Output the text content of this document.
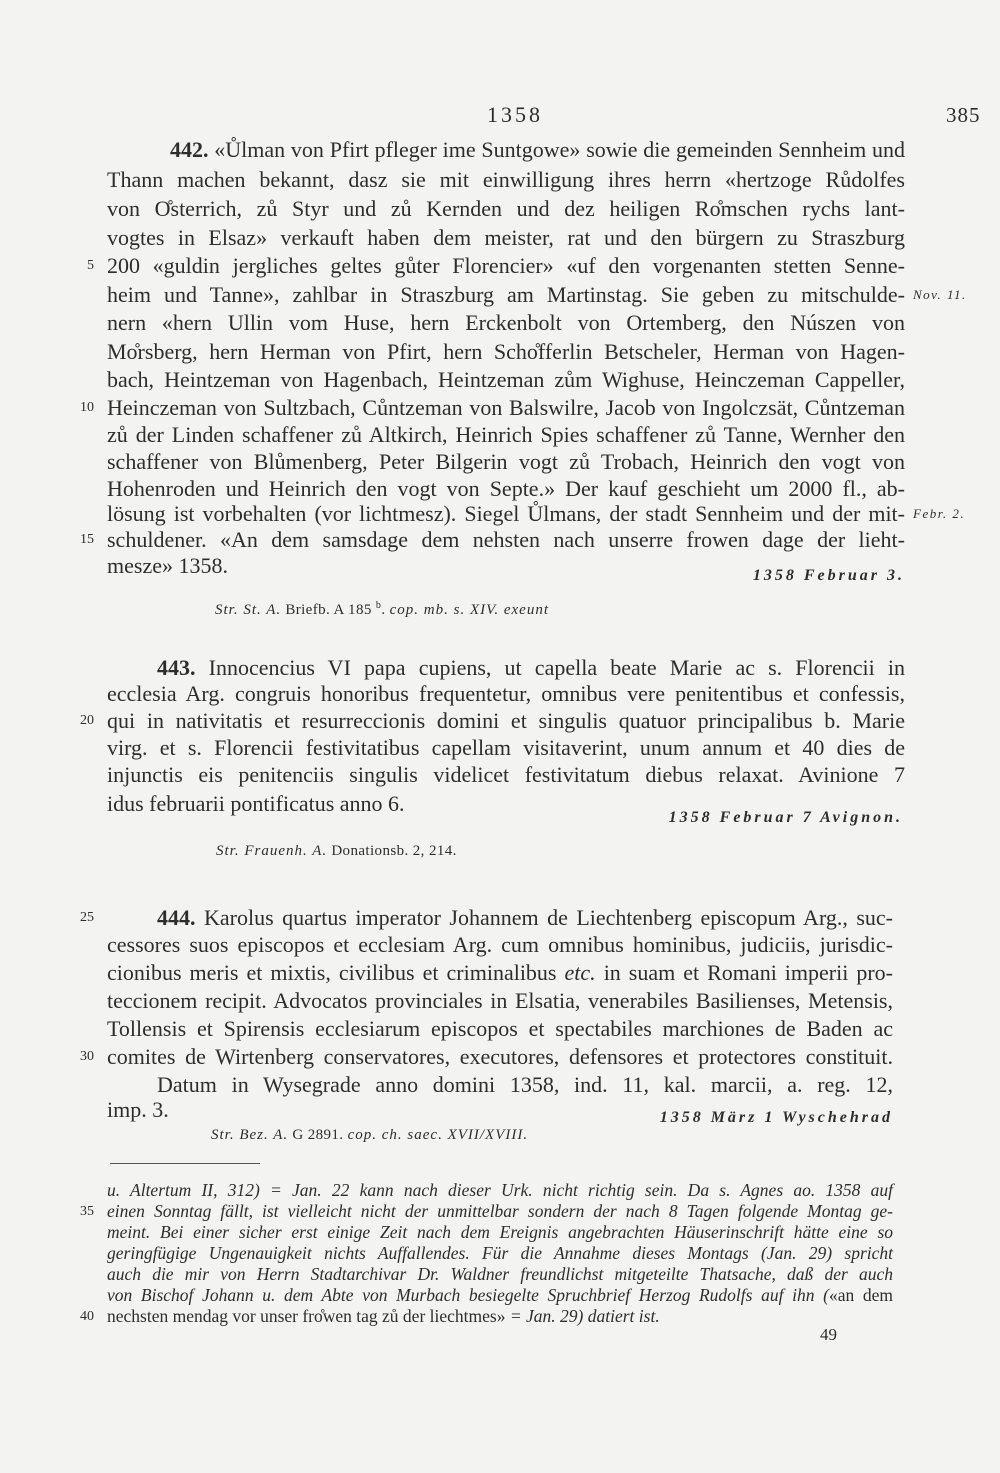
1358	385
5
10
15
20
25
30
35
40
442. «Ůlman von Pfirt pfleger ime Suntgowe» sowie die gemeinden Sennheim und
Thann machen bekannt, dasz sie mit einwilligung ihres herrn «hertzoge Růdolfes
von O̊sterrich, zů Styr und zů Kernden und dez heiligen Ro̊mschen rychs lant-
vogtes in Elsaz» verkauft haben dem meister, rat und den bürgern zu Straszburg
200 «guldin jergliches geltes gůter Florencier» «uf den vorgenanten stetten Senne-
heim und Tanne», zahlbar in Straszburg am Martinstag. Sie geben zu mitschulde-
nern «hern Ullin vom Huse, hern Erckenbolt von Ortemberg, den Núszen von
Mo̊rsberg, hern Herman von Pfirt, hern Scho̊fferlin Betscheler, Herman von Hagen-
bach, Heintzeman von Hagenbach, Heintzeman zům Wighuse, Heinczeman Cappeller,
Heinczeman von Sultzbach, Cůntzeman von Balswilre, Jacob von Ingolczsät, Cůntzeman
zů der Linden schaffener zů Altkirch, Heinrich Spies schaffener zů Tanne, Wernher den
schaffener von Blůmenberg, Peter Bilgerin vogt zů Trobach, Heinrich den vogt von
Hohenroden und Heinrich den vogt von Septe.» Der kauf geschieht um 2000 fl., ab-
lösung ist vorbehalten (vor lichtmesz). Siegel Ůlmans, der stadt Sennheim und der mit-
schuldener. «An dem samsdage dem nehsten nach unserre frowen dage der lieht-
mesze» 1358.
Nov. 11.
Febr. 2.
1358 Februar 3.
Str. St. A. Briefb. A 185 $^b$. cop. mb. s. XIV. exeunt
443. Innocencius VI papa cupiens, ut capella beate Marie ac s. Florencii in
ecclesia Arg. congruis honoribus frequentetur, omnibus vere penitentibus et confessis,
qui in nativitatis et resurreccionis domini et singulis quatuor principalibus b. Marie
virg. et s. Florencii festivitatibus capellam visitaverint, unum annum et 40 dies de
injunctis eis penitenciis singulis videlicet festivitatum diebus relaxat. Avinione 7
idus februarii pontificatus anno 6.
1358 Februar 7 Avignon.
Str. Frauenh. A. Donationsb. 2, 214.
444. Karolus quartus imperator Johannem de Liechtenberg episcopum Arg., suc-
cessores suos episcopos et ecclesiam Arg. cum omnibus hominibus, judiciis, jurisdic-
cionibus meris et mixtis, civilibus et criminalibus etc. in suam et Romani imperii pro-
teccionem recipit. Advocatos provinciales in Elsatia, venerabiles Basilienses, Metensis,
Tollensis et Spirensis ecclesiarum episcopos et spectabiles marchiones de Baden ac
comites de Wirtenberg conservatores, executores, defensores et protectores constituit.
Datum in Wysegrade anno domini 1358, ind. 11, kal. marcii, a. reg. 12,
imp. 3.	1358 März 1 Wyschehrad
Str. Bez. A. G 2891. cop. ch. saec. XVII/XVIII.
u. Altertum II, 312) = Jan. 22 kann nach dieser Urk. nicht richtig sein. Da s. Agnes ao. 1358 auf
einen Sonntag fällt, ist vielleicht nicht der unmittelbar sondern der nach 8 Tagen folgende Montag ge-
meint. Bei einer sicher erst einige Zeit nach dem Ereignis angebrachten Häuserinschrift hätte eine so
geringfügige Ungenauigkeit nichts Auffallendes. Für die Annahme dieses Montags (Jan. 29) spricht
auch die mir von Herrn Stadtarchivar Dr. Waldner freundlichst mitgeteilte Thatsache, daß der auch
von Bischof Johann u. dem Abte von Murbach besiegelte Spruchbrief Herzog Rudolfs auf ihn («an dem
nechsten mendag vor unser fro̊wen tag zů der liechtmes» = Jan. 29) datiert ist.
49
